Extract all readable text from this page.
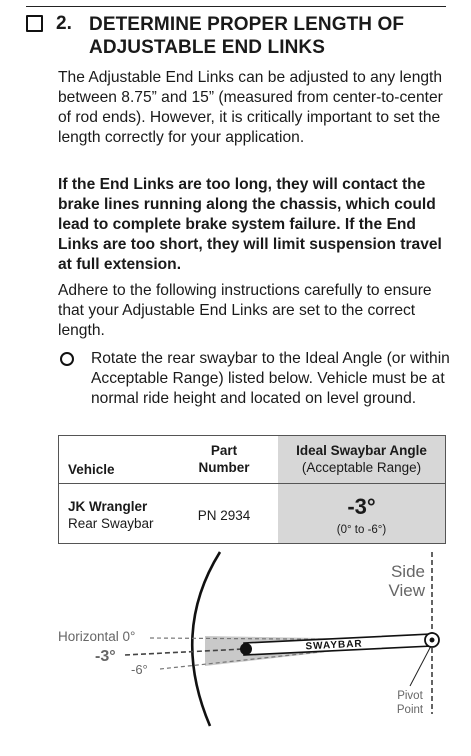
2. DETERMINE PROPER LENGTH OF ADJUSTABLE END LINKS

The Adjustable End Links can be adjusted to any length between 8.75” and 15” (measured from center-to-center of rod ends). However, it is critically important to set the length correctly for your application.

If the End Links are too long, they will contact the brake lines running along the chassis, which could lead to complete brake system failure. If the End Links are too short, they will limit suspension travel at full extension.

Adhere to the following instructions carefully to ensure that your Adjustable End Links are set to the correct length.

Rotate the rear swaybar to the Ideal Angle (or within Acceptable Range) listed below. Vehicle must be at normal ride height and located on level ground.

Vehicle
Part
Number
Ideal Swaybar Angle
(Acceptable Range)
JK Wrangler
Rear Swaybar
PN 2934	-3°
(0° to -6°)
SWAYBAR
Side
View
Horizontal 0°
-3°
-6°
Pivot
Point
